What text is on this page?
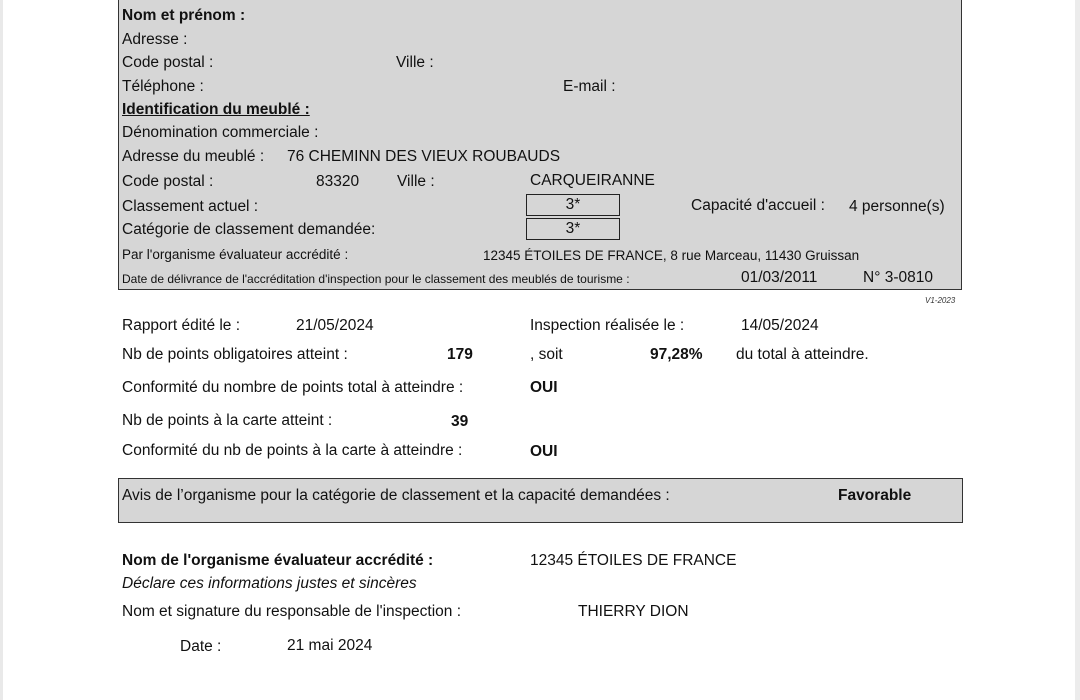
Nom et prénom :
Adresse :
Code postal :	Ville :
Téléphone :	E-mail :
Identification du meublé :
Dénomination commerciale :
Adresse du meublé : 76 CHEMINN DES VIEUX ROUBAUDS
Code postal :	83320 Ville :	CARQUEIRANNE
Classement actuel :	3*	Capacité d'accueil : 4 personne(s)
Catégorie de classement demandée:	3*
Par l'organisme évaluateur accrédité :	12345 ÉTOILES DE FRANCE, 8 rue Marceau, 11430 Gruissan
Date de délivrance de l'accréditation d'inspection pour le classement des meublés de tourisme :	01/03/2011	N° 3-0810
V1-2023
Rapport édité le :	21/05/2024	Inspection réalisée le :	14/05/2024
Nb de points obligatoires atteint :	179	, soit	97,28% du total à atteindre.
Conformité du nombre de points total à atteindre :	OUI
Nb de points à la carte atteint :	39
Conformité du nb de points à la carte à atteindre :	OUI
Avis de l’organisme pour la catégorie de classement et la capacité demandées :	Favorable
Nom de l'organisme évaluateur accrédité :	12345 ÉTOILES DE FRANCE
Déclare ces informations justes et sincères
Nom et signature du responsable de l'inspection :	THIERRY DION
Date :	21 mai 2024
